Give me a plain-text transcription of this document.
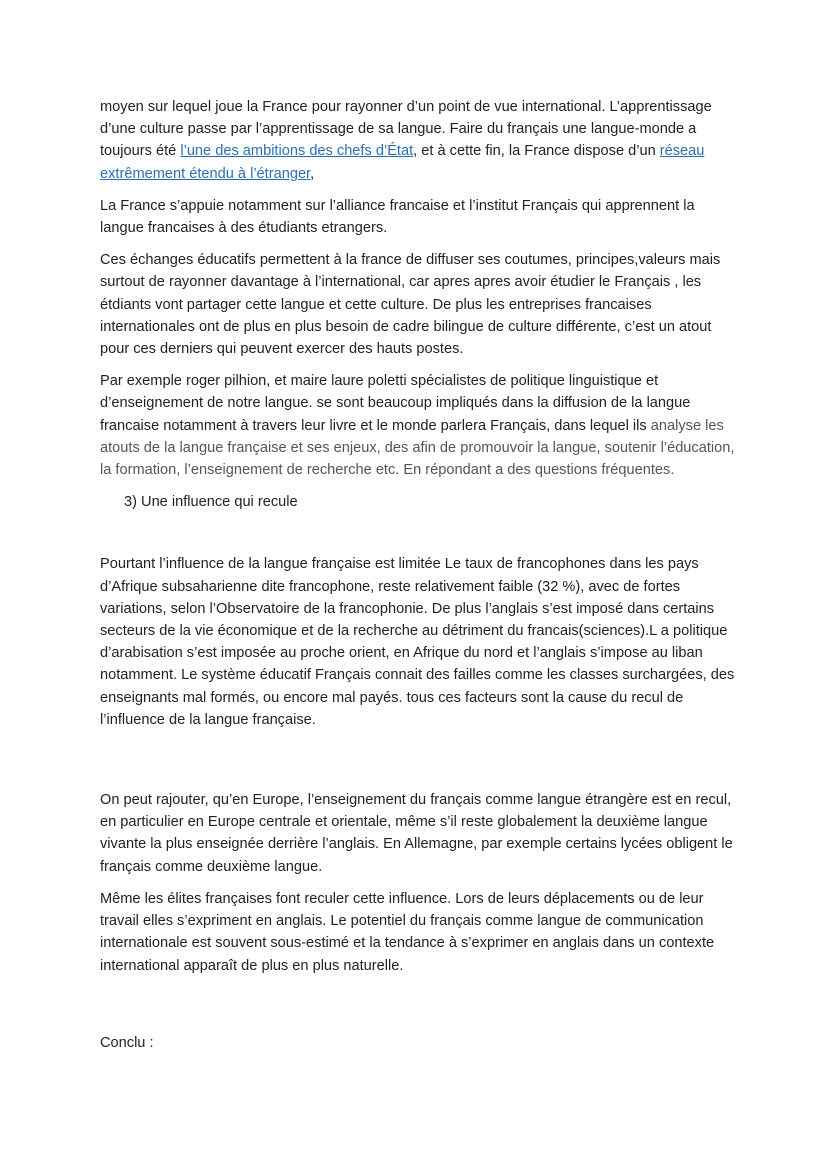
moyen sur lequel joue la France pour rayonner d’un point de vue international. L’apprentissage d’une culture passe par l’apprentissage de sa langue. Faire du français une langue-monde a toujours été l’une des ambitions des chefs d’État, et à cette fin, la France dispose d’un réseau extrêmement étendu à l’étranger,

La France s’appuie notamment sur l’alliance francaise et l’institut Français qui apprennent la langue francaises à des étudiants etrangers.

Ces échanges éducatifs permettent à la france de diffuser ses coutumes, principes,valeurs mais surtout de rayonner davantage à l’international, car apres apres avoir étudier le Français , les étdiants vont partager cette langue et cette culture. De plus les entreprises francaises internationales ont de plus en plus besoin de cadre bilingue de culture différente, c’est un atout pour ces derniers qui peuvent exercer des hauts postes.

Par exemple roger pilhion, et maire laure poletti spécialistes de politique linguistique et d’enseignement de notre langue. se sont beaucoup impliqués dans la diffusion de la langue francaise notamment à travers leur livre et le monde parlera Français, dans lequel ils analyse les atouts de la langue française et ses enjeux, des afin de promouvoir la langue, soutenir l’éducation, la formation, l’enseignement de recherche etc. En répondant a des questions fréquentes.

3) Une influence qui recule

Pourtant l’influence de la langue française est limitée Le taux de francophones dans les pays d’Afrique subsaharienne dite francophone, reste relativement faible (32 %), avec de fortes variations, selon l’Observatoire de la francophonie. De plus l’anglais s’est imposé dans certains secteurs de la vie économique et de la recherche au détriment du francais(sciences).L a politique d’arabisation s’est imposée au proche orient, en Afrique du nord et l’anglais s’impose au liban notamment. Le système éducatif Français connait des failles comme les classes surchargées, des enseignants mal formés, ou encore mal payés. tous ces facteurs sont la cause du recul de l’influence de la langue française.

On peut rajouter, qu’en Europe, l’enseignement du français comme langue étrangère est en recul, en particulier en Europe centrale et orientale, même s’il reste globalement la deuxième langue vivante la plus enseignée derrière l’anglais. En Allemagne, par exemple certains lycées obligent le français comme deuxième langue.

Même les élites françaises font reculer cette influence. Lors de leurs déplacements ou de leur travail elles s’expriment en anglais. Le potentiel du français comme langue de communication internationale est souvent sous-estimé et la tendance à s’exprimer en anglais dans un contexte international apparaît de plus en plus naturelle.

Conclu :
